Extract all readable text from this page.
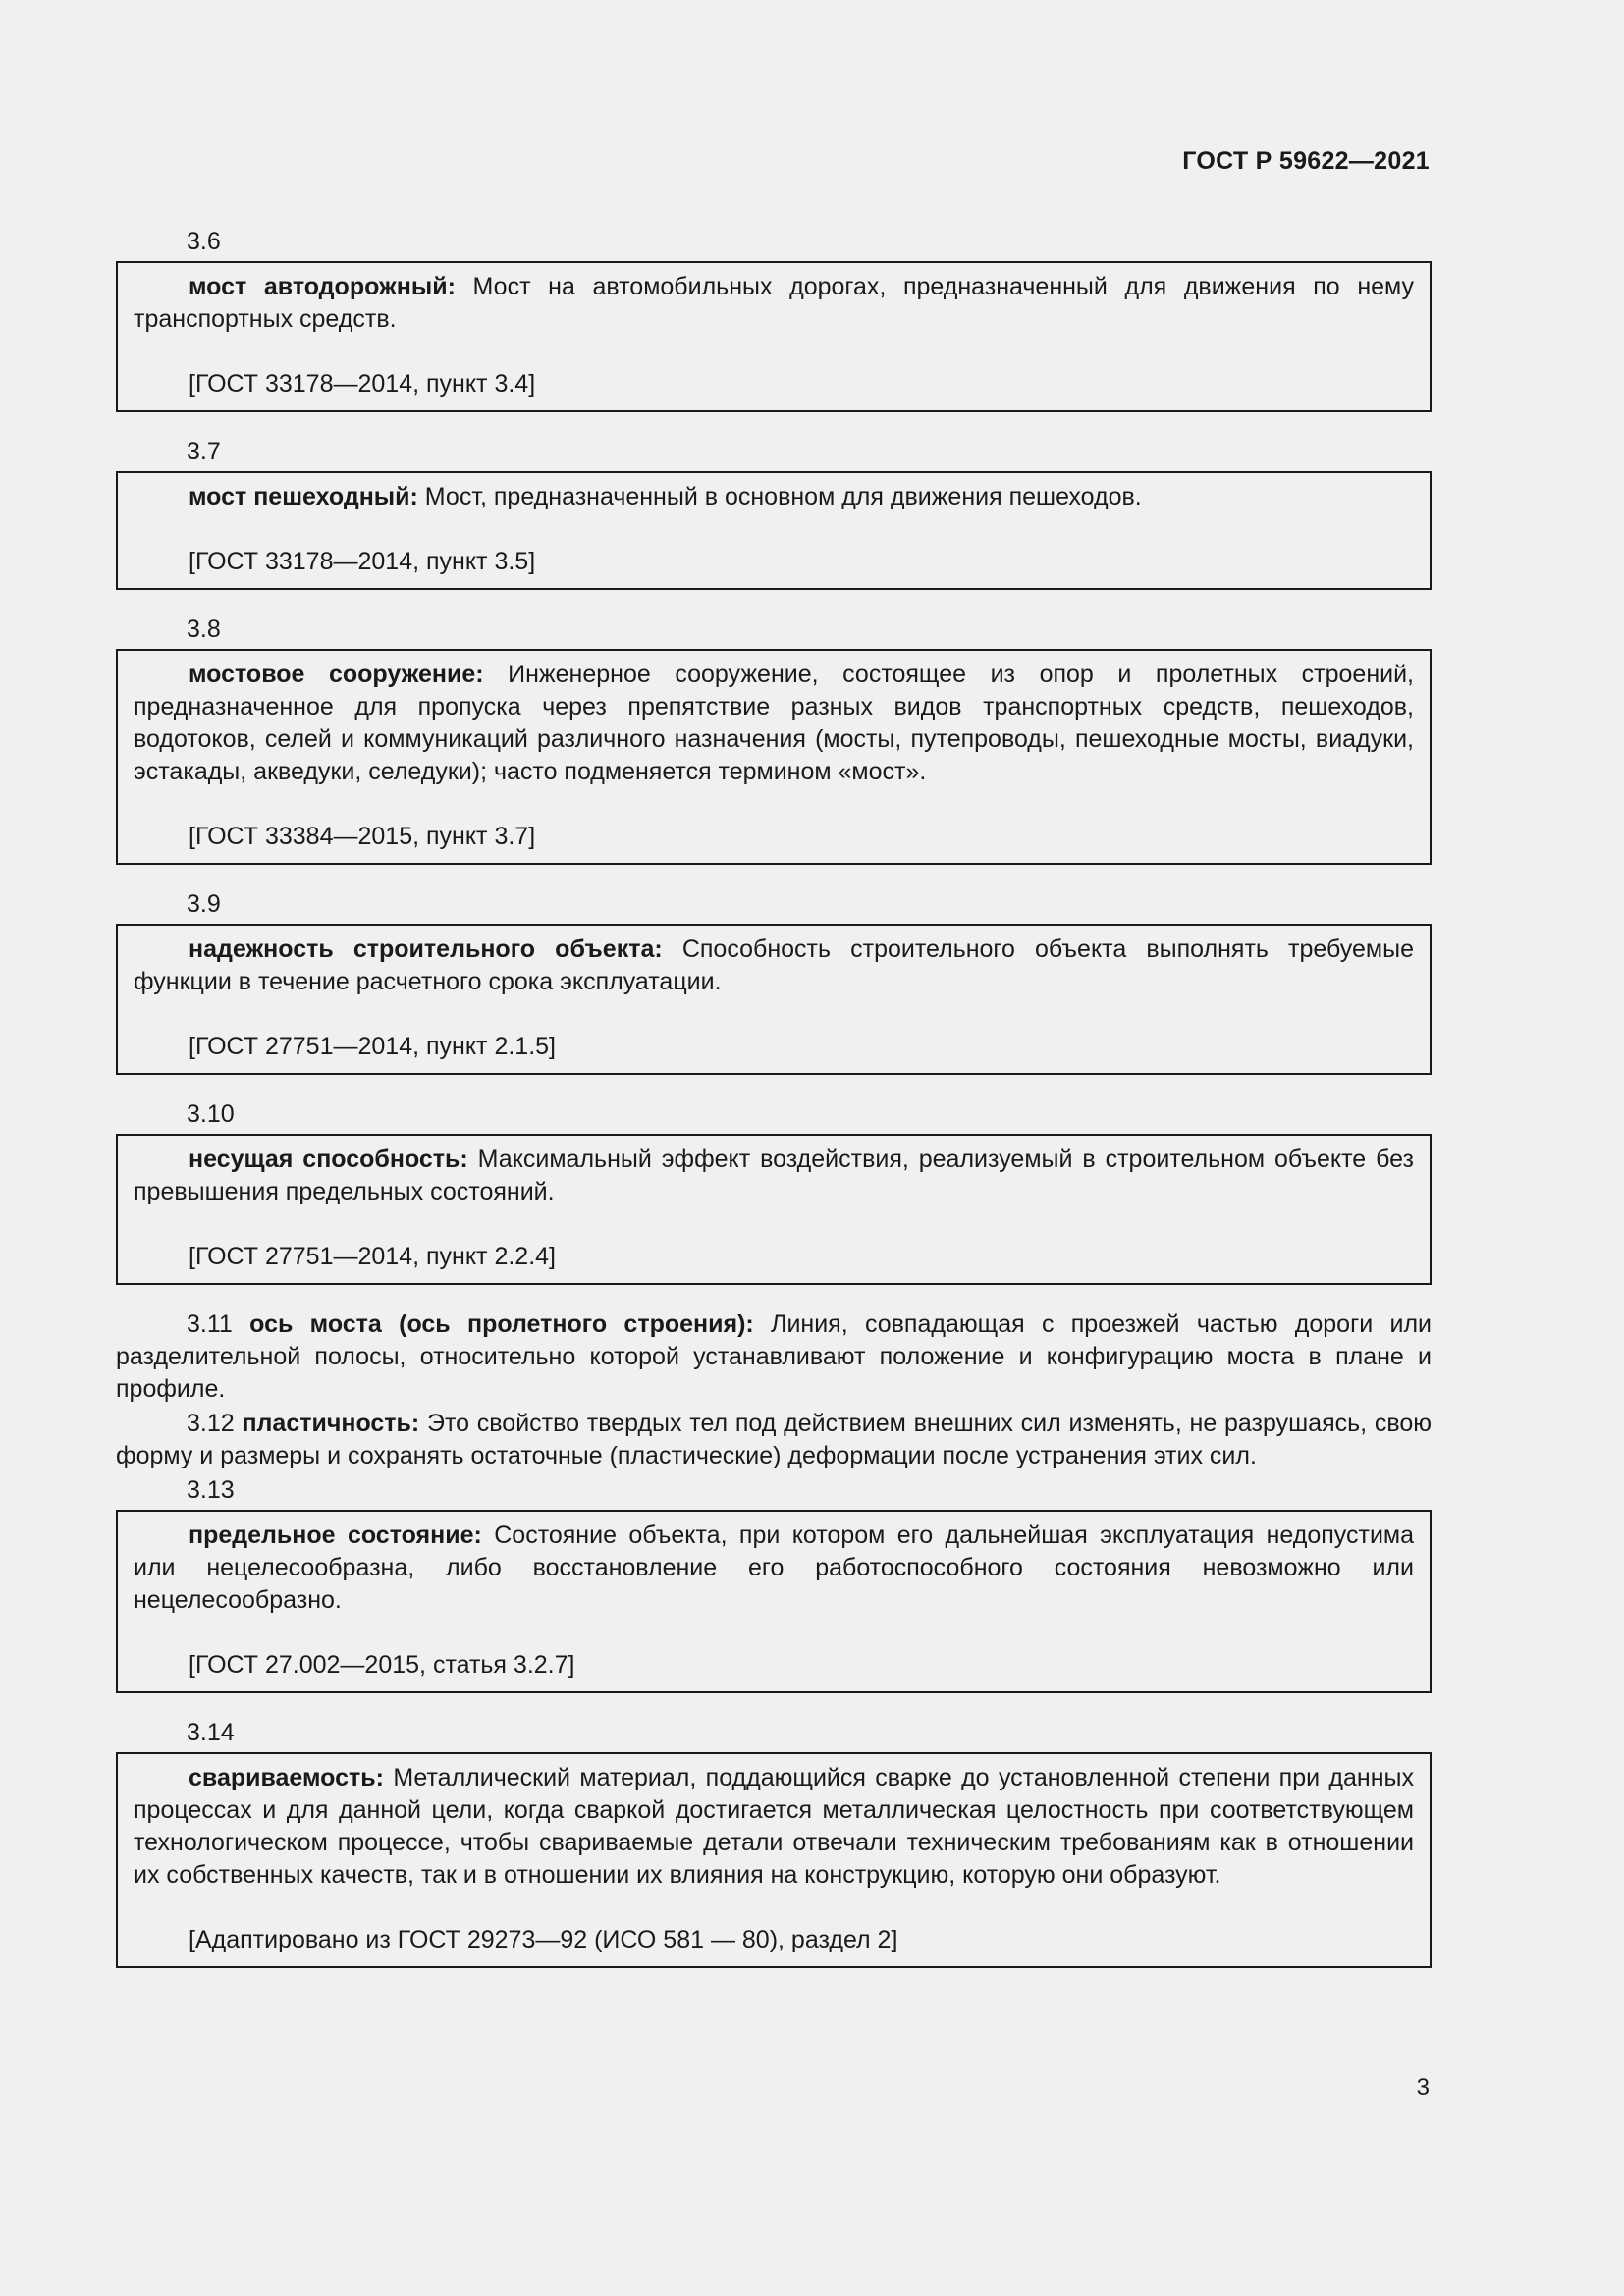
ГОСТ Р 59622—2021
3.6

мост автодорожный: Мост на автомобильных дорогах, предназначенный для движения по нему транспортных средств.

[ГОСТ 33178—2014, пункт 3.4]

3.7

мост пешеходный: Мост, предназначенный в основном для движения пешеходов.

[ГОСТ 33178—2014, пункт 3.5]

3.8

мостовое сооружение: Инженерное сооружение, состоящее из опор и пролетных строений, предназначенное для пропуска через препятствие разных видов транспортных средств, пешеходов, водотоков, селей и коммуникаций различного назначения (мосты, путепроводы, пешеходные мосты, виадуки, эстакады, акведуки, селедуки); часто подменяется термином «мост».

[ГОСТ 33384—2015, пункт 3.7]

3.9

надежность строительного объекта: Способность строительного объекта выполнять требуемые функции в течение расчетного срока эксплуатации.

[ГОСТ 27751—2014, пункт 2.1.5]

3.10

несущая способность: Максимальный эффект воздействия, реализуемый в строительном объекте без превышения предельных состояний.

[ГОСТ 27751—2014, пункт 2.2.4]

3.11 ось моста (ось пролетного строения): Линия, совпадающая с проезжей частью дороги или разделительной полосы, относительно которой устанавливают положение и конфигурацию моста в плане и профиле.

3.12 пластичность: Это свойство твердых тел под действием внешних сил изменять, не разрушаясь, свою форму и размеры и сохранять остаточные (пластические) деформации после устранения этих сил.

3.13

предельное состояние: Состояние объекта, при котором его дальнейшая эксплуатация недопустима или нецелесообразна, либо восстановление его работоспособного состояния невозможно или нецелесообразно.

[ГОСТ 27.002—2015, статья 3.2.7]

3.14

свариваемость: Металлический материал, поддающийся сварке до установленной степени при данных процессах и для данной цели, когда сваркой достигается металлическая целостность при соответствующем технологическом процессе, чтобы свариваемые детали отвечали техническим требованиям как в отношении их собственных качеств, так и в отношении их влияния на конструкцию, которую они образуют.

[Адаптировано из ГОСТ 29273—92 (ИСО 581 — 80), раздел 2]

3
